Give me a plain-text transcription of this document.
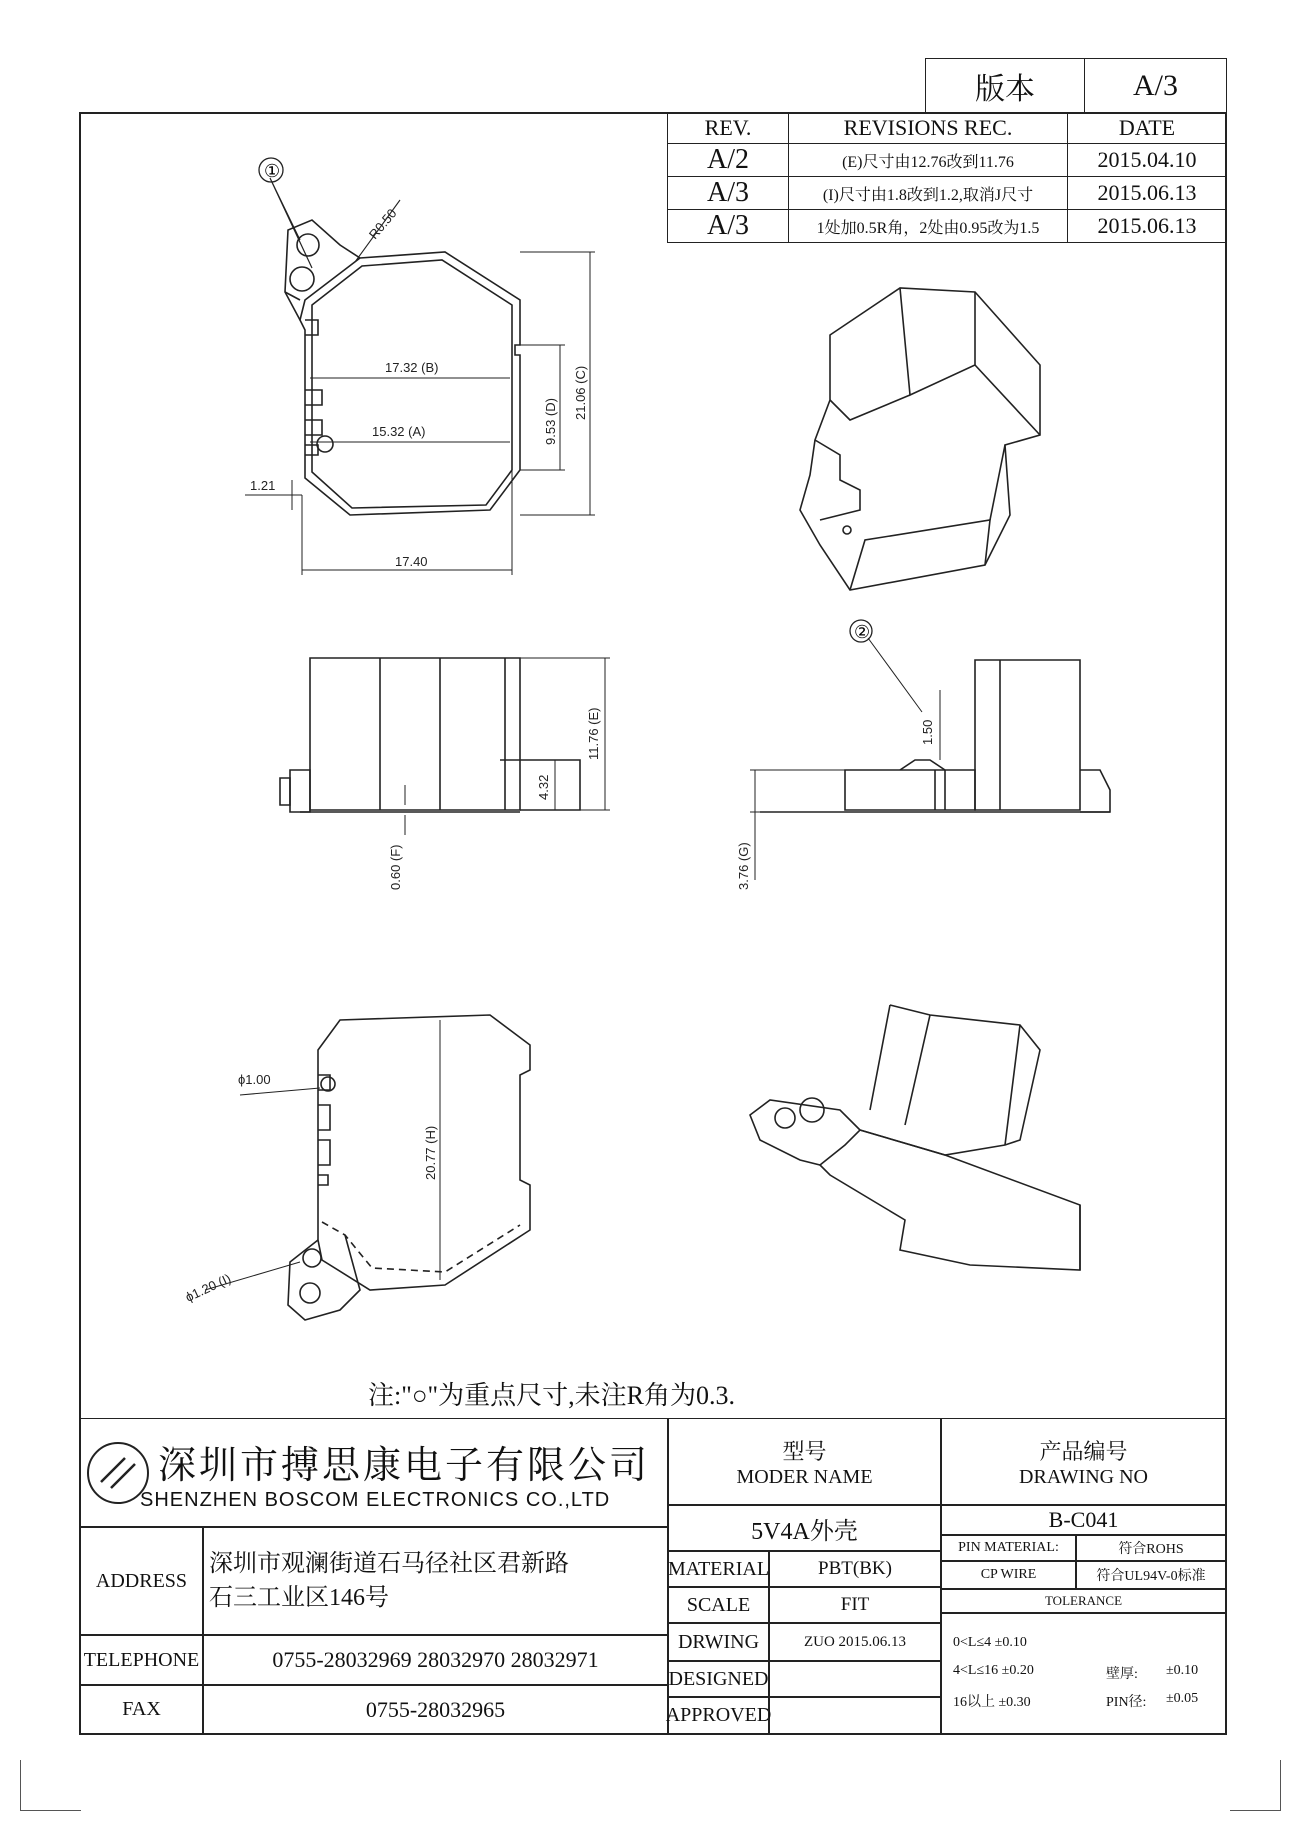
版本	A/3
REV.	REVISIONS REC.	DATE
A/2	(E)尺寸由12.76改到11.76	2015.04.10
A/3	(I)尺寸由1.8改到1.2,取消J尺寸	2015.06.13
A/3	1处加0.5R角，2处由0.95改为1.5	2015.06.13
①
②
R0.50
17.32 (B)
15.32 (A)	9.53 (D)
21.06 (C)
1.21
17.40
11.76 (E)
4.32
0.60 (F)
1.50
3.76 (G)
ϕ1.00
20.77 (H)
ϕ1.20 (I)
注:"○"为重点尺寸,未注R角为0.3.
深圳市搏思康电子有限公司
SHENZHEN BOSCOM ELECTRONICS CO.,LTD
ADDRESS
深圳市观澜街道石马径社区君新路
石三工业区146号
TELEPHONE	0755-28032969 28032970 28032971
FAX	0755-28032965
型号
MODER NAME
5V4A外壳
产品编号
DRAWING NO
B-C041
MATERIAL	PBT(BK)
SCALE	FIT
DRWING	ZUO 2015.06.13
DESIGNED
APPROVED
PIN MATERIAL:	符合ROHS
CP WIRE	符合UL94V-0标准
TOLERANCE
0<L≤4 ±0.10
4<L≤16 ±0.20
16以上 ±0.30
壁厚: ±0.10
PIN径: ±0.05
